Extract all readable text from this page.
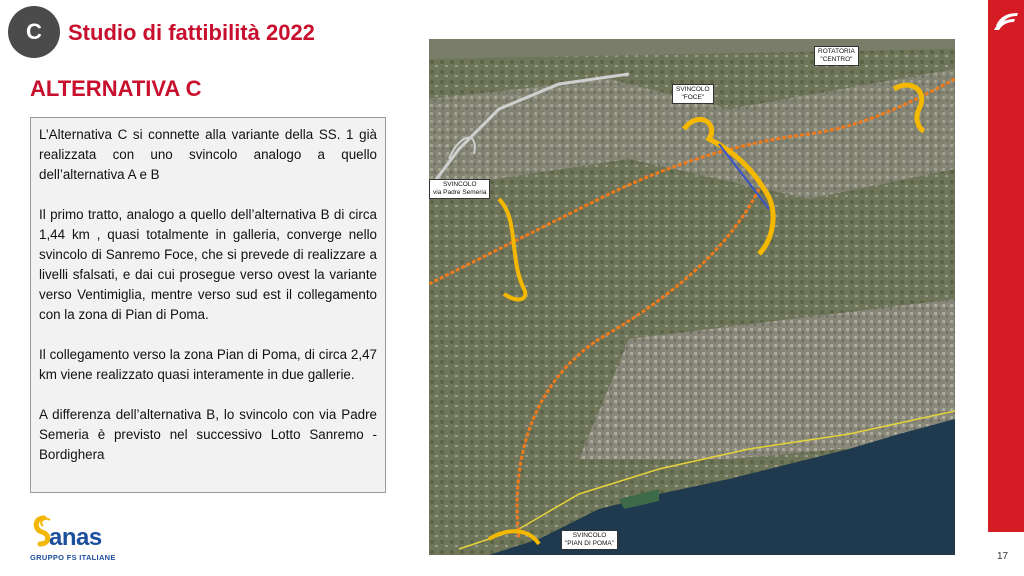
C Studio di fattibilità 2022
ALTERNATIVA C

L’Alternativa C si connette alla variante della SS. 1 già realizzata con uno svincolo analogo a quello dell’alternativa A e B

Il primo tratto, analogo a quello dell’alternativa B di circa 1,44 km , quasi totalmente in galleria, converge nello svincolo di Sanremo Foce, che si prevede di realizzare a livelli sfalsati, e dai cui prosegue verso ovest la variante verso Ventimiglia, mentre verso sud est il collegamento con la zona di Pian di Poma.

Il collegamento verso la zona Pian di Poma, di circa 2,47 km viene realizzato quasi interamente in due gallerie.

A differenza dell’alternativa B, lo svincolo con via Padre Semeria è previsto nel successivo Lotto Sanremo - Bordighera

ROTATORIA
"CENTRO"
SVINCOLO
"FOCE"
SVINCOLO
via Padre Semeria
SVINCOLO
"PIAN DI POMA"
17
anas
GRUPPO FS ITALIANE
